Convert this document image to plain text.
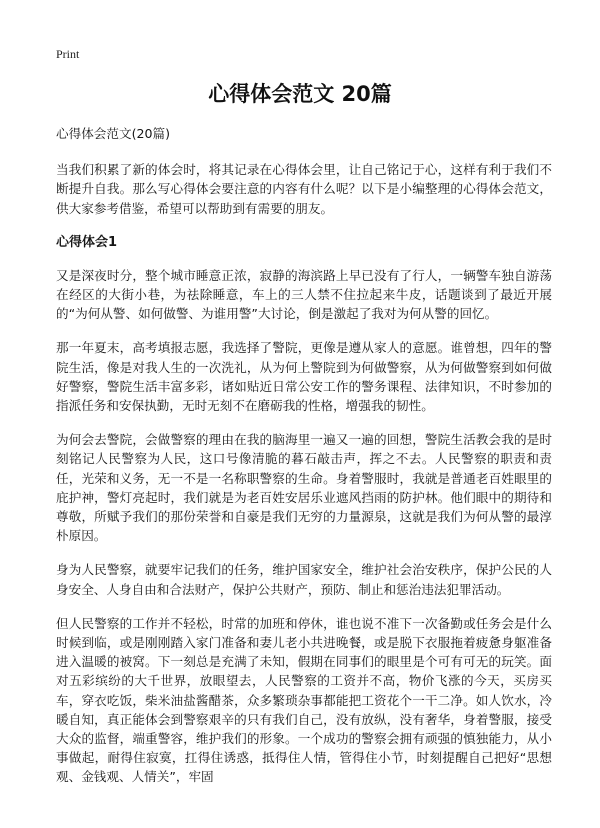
Print
心得体会范文 20篇

心得体会范文(20篇)

当我们积累了新的体会时，将其记录在心得体会里，让自己铭记于心，这样有利于我们不断提升自我。那么写心得体会要注意的内容有什么呢？以下是小编整理的心得体会范文，供大家参考借鉴，希望可以帮助到有需要的朋友。

心得体会1

又是深夜时分，整个城市睡意正浓，寂静的海滨路上早已没有了行人，一辆警车独自游荡在经区的大街小巷，为祛除睡意，车上的三人禁不住拉起来牛皮，话题谈到了最近开展的“为何从警、如何做警、为谁用警”大讨论，倒是激起了我对为何从警的回忆。

那一年夏末，高考填报志愿，我选择了警院，更像是遵从家人的意愿。谁曾想，四年的警院生活，像是对我人生的一次洗礼，从为何上警院到为何做警察，从为何做警察到如何做好警察，警院生活丰富多彩，诸如贴近日常公安工作的警务课程、法律知识，不时参加的指派任务和安保执勤，无时无刻不在磨砺我的性格，增强我的韧性。

为何会去警院，会做警察的理由在我的脑海里一遍又一遍的回想，警院生活教会我的是时刻铭记人民警察为人民，这口号像清脆的暮石敲击声，挥之不去。人民警察的职责和责任，光荣和义务，无一不是一名称职警察的生命。身着警服时，我就是普通老百姓眼里的庇护神，警灯亮起时，我们就是为老百姓安居乐业遮风挡雨的防护林。他们眼中的期待和尊敬，所赋予我们的那份荣誉和自豪是我们无穷的力量源泉，这就是我们为何从警的最淳朴原因。

身为人民警察，就要牢记我们的任务，维护国家安全，维护社会治安秩序，保护公民的人身安全、人身自由和合法财产，保护公共财产，预防、制止和惩治违法犯罪活动。

但人民警察的工作并不轻松，时常的加班和停休，谁也说不准下一次备勤或任务会是什么时候到临，或是刚刚踏入家门准备和妻儿老小共进晚餐，或是脱下衣服拖着疲惫身躯准备进入温暖的被窝。下一刻总是充满了未知，假期在同事们的眼里是个可有可无的玩笑。面对五彩缤纷的大千世界，放眼望去，人民警察的工资并不高，物价飞涨的今天，买房买车，穿衣吃饭，柴米油盐酱醋茶，众多繁琐杂事都能把工资花个一干二净。如人饮水，冷暖自知，真正能体会到警察艰辛的只有我们自己，没有放纵，没有奢华，身着警服，接受大众的监督，端重警容，维护我们的形象。一个成功的警察会拥有顽强的慎独能力，从小事做起，耐得住寂寞，扛得住诱惑，抵得住人情，管得住小节，时刻提醒自己把好“思想观、金钱观、人情关”，牢固
